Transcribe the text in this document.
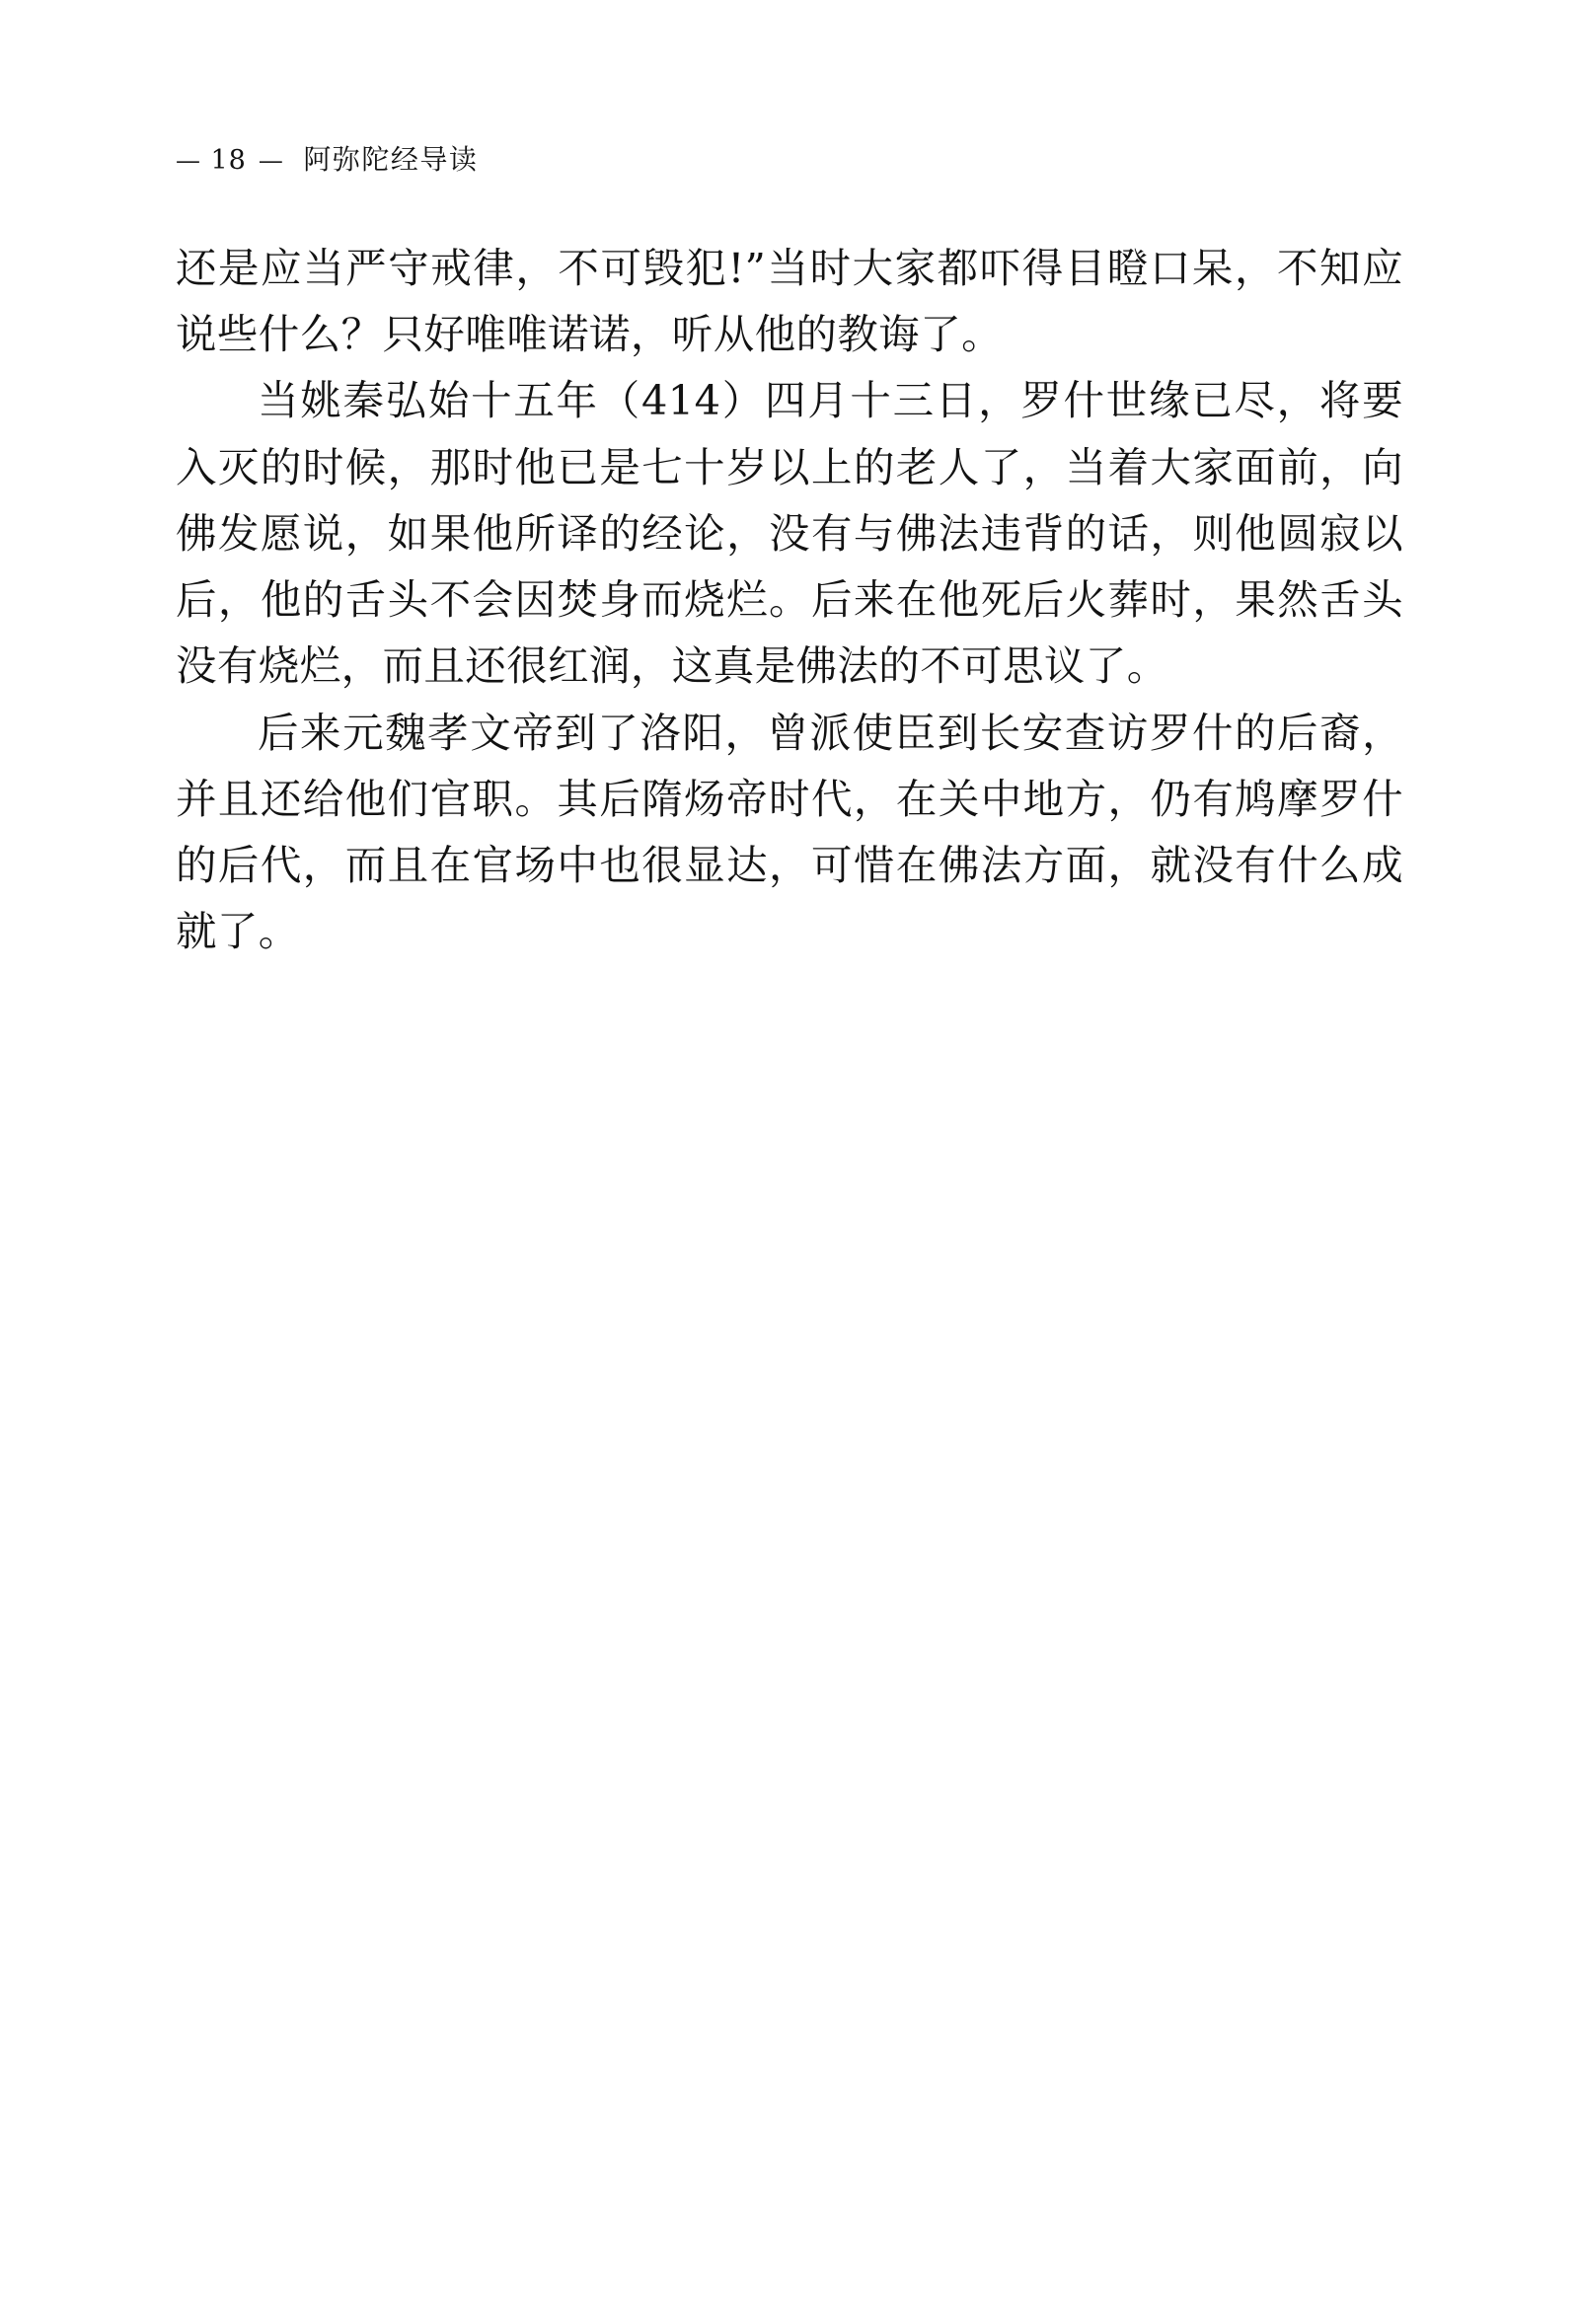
— 18 — 阿弥陀经导读

还是应当严守戒律，不可毁犯!”当时大家都吓得目瞪口呆，不知应说些什么？只好唯唯诺诺，听从他的教诲了。

当姚秦弘始十五年（414）四月十三日，罗什世缘已尽，将要入灭的时候，那时他已是七十岁以上的老人了，当着大家面前，向佛发愿说，如果他所译的经论，没有与佛法违背的话，则他圆寂以后，他的舌头不会因焚身而烧烂。后来在他死后火葬时，果然舌头没有烧烂，而且还很红润，这真是佛法的不可思议了。

后来元魏孝文帝到了洛阳，曾派使臣到长安查访罗什的后裔，并且还给他们官职。其后隋炀帝时代，在关中地方，仍有鸠摩罗什的后代，而且在官场中也很显达，可惜在佛法方面，就没有什么成就了。
